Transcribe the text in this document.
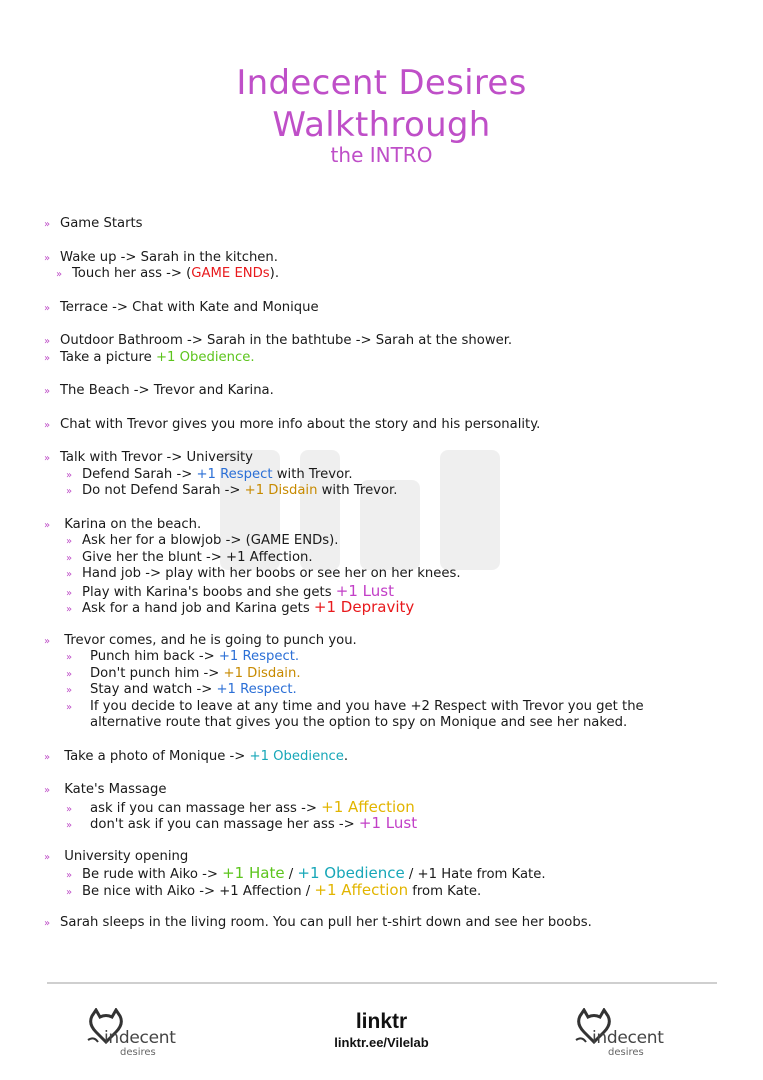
Indecent Desires
Walkthrough
the INTRO
» Game Starts
» Wake up -> Sarah in the kitchen.
» Touch her ass -> (GAME ENDs).
» Terrace -> Chat with Kate and Monique
» Outdoor Bathroom -> Sarah in the bathtube -> Sarah at the shower.
» Take a picture +1 Obedience.
» The Beach -> Trevor and Karina.
» Chat with Trevor gives you more info about the story and his personality.
» Talk with Trevor -> University
» Defend Sarah -> +1 Respect with Trevor.
» Do not Defend Sarah -> +1 Disdain with Trevor.
» Karina on the beach.
» Ask her for a blowjob -> (GAME ENDs).
» Give her the blunt -> +1 Affection.
» Hand job -> play with her boobs or see her on her knees.
» Play with Karina's boobs and she gets +1 Lust
» Ask for a hand job and Karina gets +1 Depravity
» Trevor comes, and he is going to punch you.
» Punch him back -> +1 Respect.
» Don't punch him -> +1 Disdain.
» Stay and watch -> +1 Respect.
» If you decide to leave at any time and you have +2 Respect with Trevor you get the
alternative route that gives you the option to spy on Monique and see her naked.
» Take a photo of Monique -> +1 Obedience.
» Kate's Massage
» ask if you can massage her ass -> +1 Affection
» don't ask if you can massage her ass -> +1 Lust
» University opening
» Be rude with Aiko -> +1 Hate / +1 Obedience / +1 Hate from Kate.
» Be nice with Aiko -> +1 Affection / +1 Affection from Kate.
» Sarah sleeps in the living room. You can pull her t-shirt down and see her boobs.
indecent
desires
linktr
linktr.ee/Vilelab	indecent
desires
